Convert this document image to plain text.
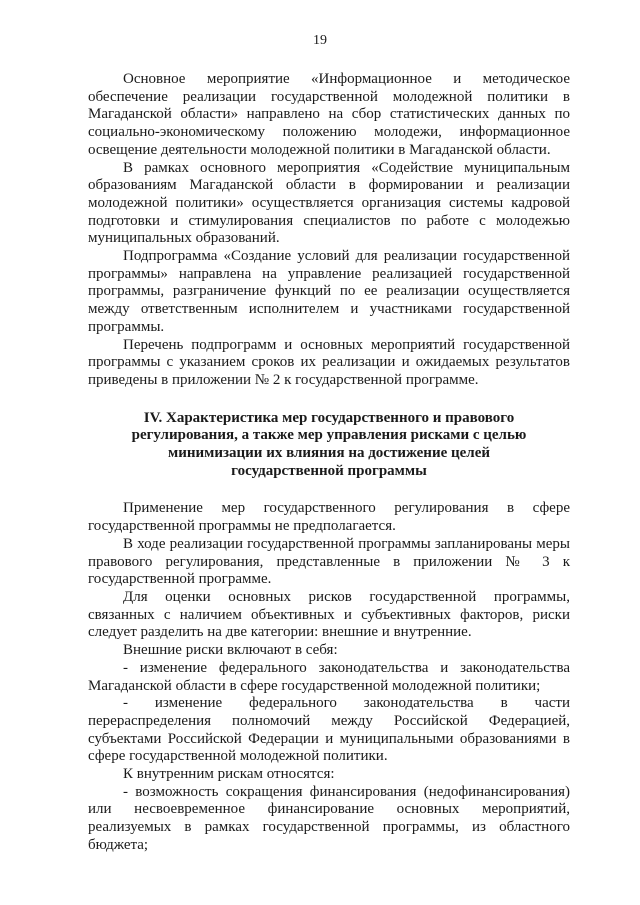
19

Основное мероприятие «Информационное и методическое обеспечение реализации государственной молодежной политики в Магаданской области» направлено на сбор статистических данных по социально-экономическому положению молодежи, информационное освещение деятельности молодежной политики в Магаданской области.

В рамках основного мероприятия «Содействие муниципальным образованиям Магаданской области в формировании и реализации молодежной политики» осуществляется организация системы кадровой подготовки и стимулирования специалистов по работе с молодежью муниципальных образований.

Подпрограмма «Создание условий для реализации государственной программы» направлена на управление реализацией государственной программы, разграничение функций по ее реализации осуществляется между ответственным исполнителем и участниками государственной программы.

Перечень подпрограмм и основных мероприятий государственной программы с указанием сроков их реализации и ожидаемых результатов приведены в приложении № 2 к государственной программе.

IV. Характеристика мер государственного и правового
регулирования, а также мер управления рисками с целью
минимизации их влияния на достижение целей
государственной программы

Применение мер государственного регулирования в сфере государственной программы не предполагается.

В ходе реализации государственной программы запланированы меры правового регулирования, представленные в приложении № 3 к государственной программе.

Для оценки основных рисков государственной программы, связанных с наличием объективных и субъективных факторов, риски следует разделить на две категории: внешние и внутренние.

Внешние риски включают в себя:

- изменение федерального законодательства и законодательства Магаданской области в сфере государственной молодежной политики;

- изменение федерального законодательства в части перераспределения полномочий между Российской Федерацией, субъектами Российской Федерации и муниципальными образованиями в сфере государственной молодежной политики.

К внутренним рискам относятся:

- возможность сокращения финансирования (недофинансирования) или несвоевременное финансирование основных мероприятий, реализуемых в рамках государственной программы, из областного бюджета;
